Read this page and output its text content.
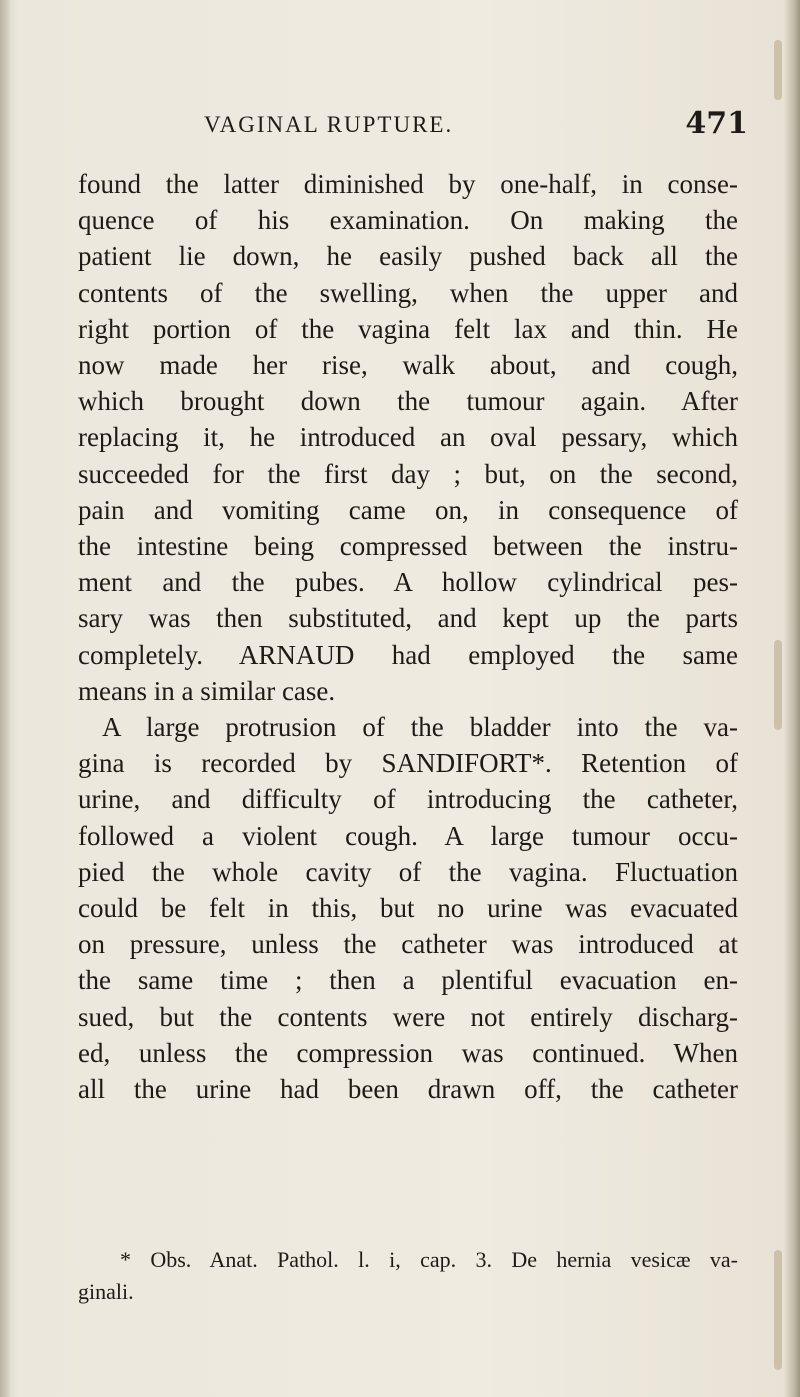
VAGINAL RUPTURE.	471
found the latter diminished by one-half, in conse-
quence of his examination. On making the
patient lie down, he easily pushed back all the
contents of the swelling, when the upper and
right portion of the vagina felt lax and thin. He
now made her rise, walk about, and cough,
which brought down the tumour again. After
replacing it, he introduced an oval pessary, which
succeeded for the first day ; but, on the second,
pain and vomiting came on, in consequence of
the intestine being compressed between the instru-
ment and the pubes. A hollow cylindrical pes-
sary was then substituted, and kept up the parts
completely. ARNAUD had employed the same
means in a similar case.
A large protrusion of the bladder into the va-
gina is recorded by SANDIFORT*. Retention of
urine, and difficulty of introducing the catheter,
followed a violent cough. A large tumour occu-
pied the whole cavity of the vagina. Fluctuation
could be felt in this, but no urine was evacuated
on pressure, unless the catheter was introduced at
the same time ; then a plentiful evacuation en-
sued, but the contents were not entirely discharg-
ed, unless the compression was continued. When
all the urine had been drawn off, the catheter
* Obs. Anat. Pathol. l. i, cap. 3. De hernia vesicæ va-
ginali.
